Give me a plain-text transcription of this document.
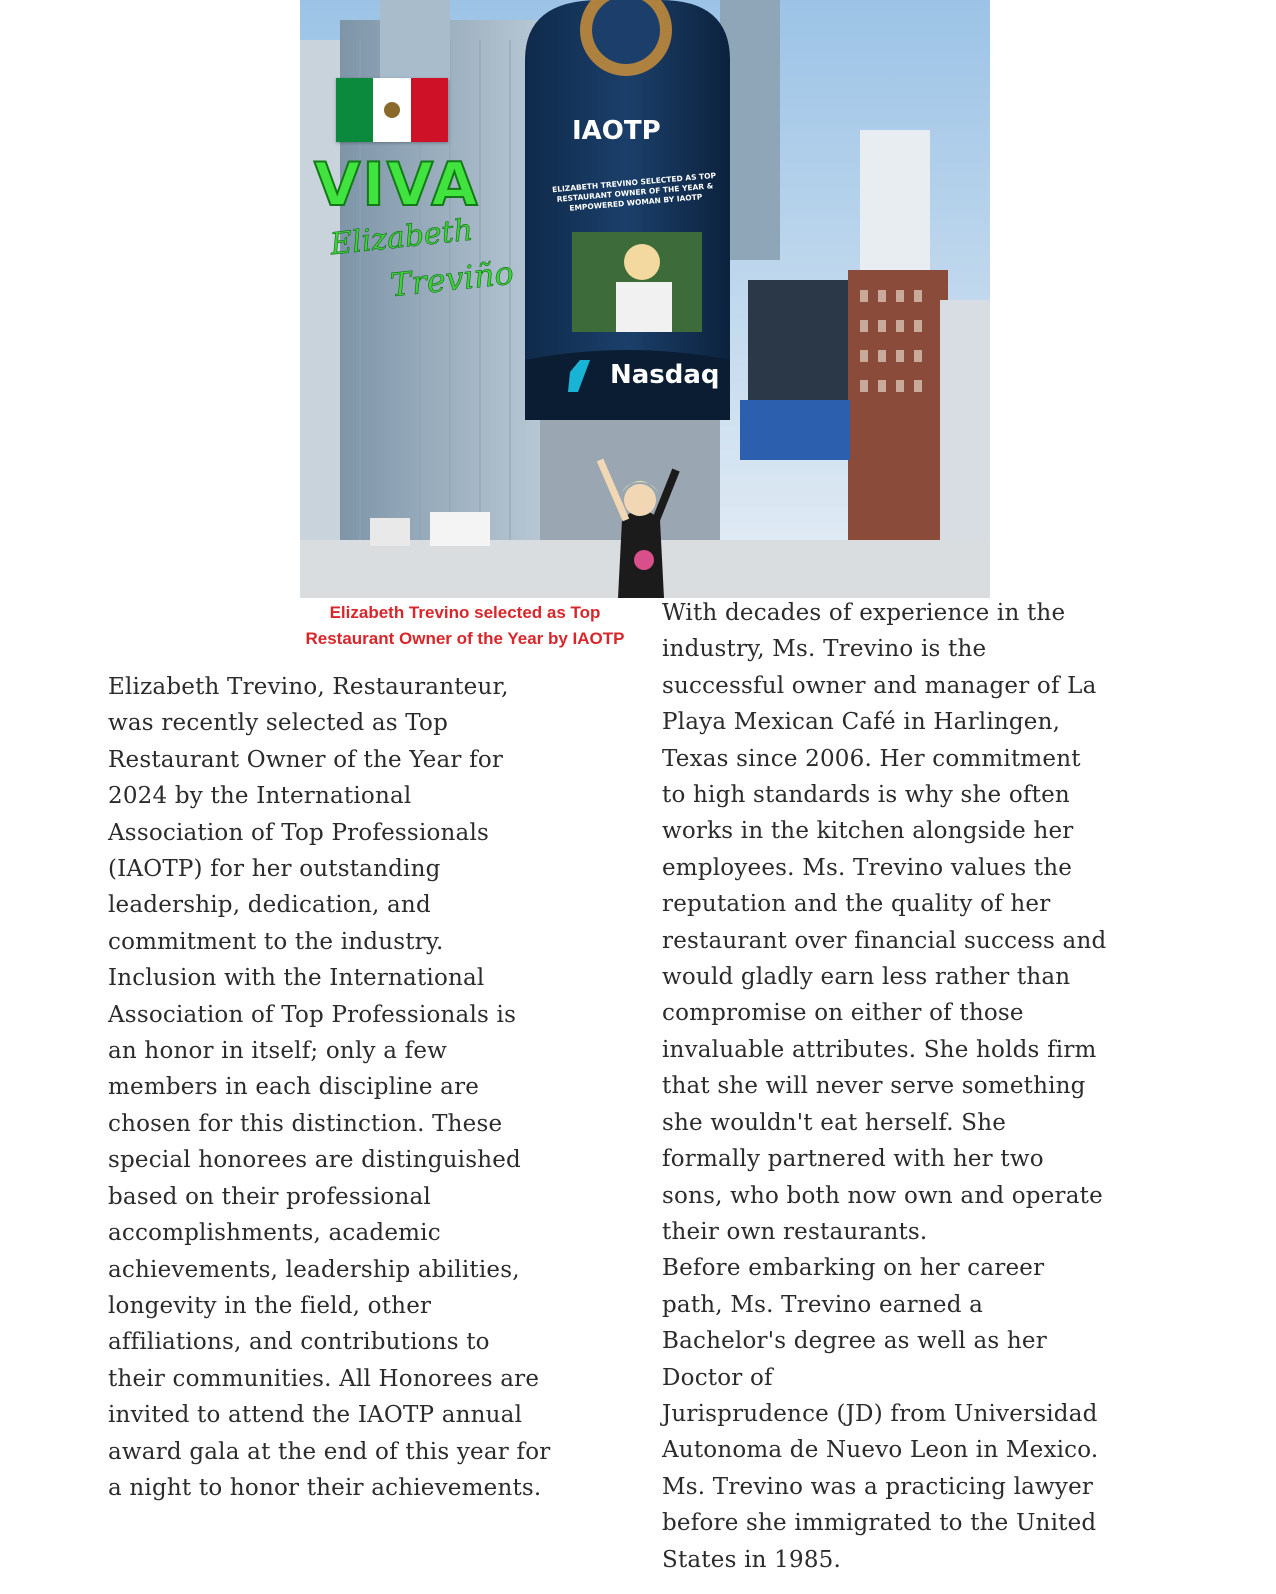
VIVA
Elizabeth
Treviño
IAOTP
ELIZABETH TREVINO SELECTED AS TOP RESTAURANT OWNER OF THE YEAR & EMPOWERED WOMAN BY IAOTP
Nasdaq

Elizabeth Trevino selected as Top Restaurant Owner of the Year by IAOTP

Elizabeth Trevino, Restauranteur,
was recently selected as Top
Restaurant Owner of the Year for
2024 by the International
Association of Top Professionals
(IAOTP) for her outstanding
leadership, dedication, and
commitment to the industry.
Inclusion with the International
Association of Top Professionals is
an honor in itself; only a few
members in each discipline are
chosen for this distinction. These
special honorees are distinguished
based on their professional
accomplishments, academic
achievements, leadership abilities,
longevity in the field, other
affiliations, and contributions to
their communities. All Honorees are
invited to attend the IAOTP annual
award gala at the end of this year for
a night to honor their achievements.
With decades of experience in the
industry, Ms. Trevino is the
successful owner and manager of La
Playa Mexican Café in Harlingen,
Texas since 2006. Her commitment
to high standards is why she often
works in the kitchen alongside her
employees. Ms. Trevino values the
reputation and the quality of her
restaurant over financial success and
would gladly earn less rather than
compromise on either of those
invaluable attributes. She holds firm
that she will never serve something
she wouldn't eat herself. She
formally partnered with her two
sons, who both now own and operate
their own restaurants.
Before embarking on her career
path, Ms. Trevino earned a
Bachelor's degree as well as her
Doctor of
Jurisprudence (JD) from Universidad
Autonoma de Nuevo Leon in Mexico.
Ms. Trevino was a practicing lawyer
before she immigrated to the United
States in 1985.
